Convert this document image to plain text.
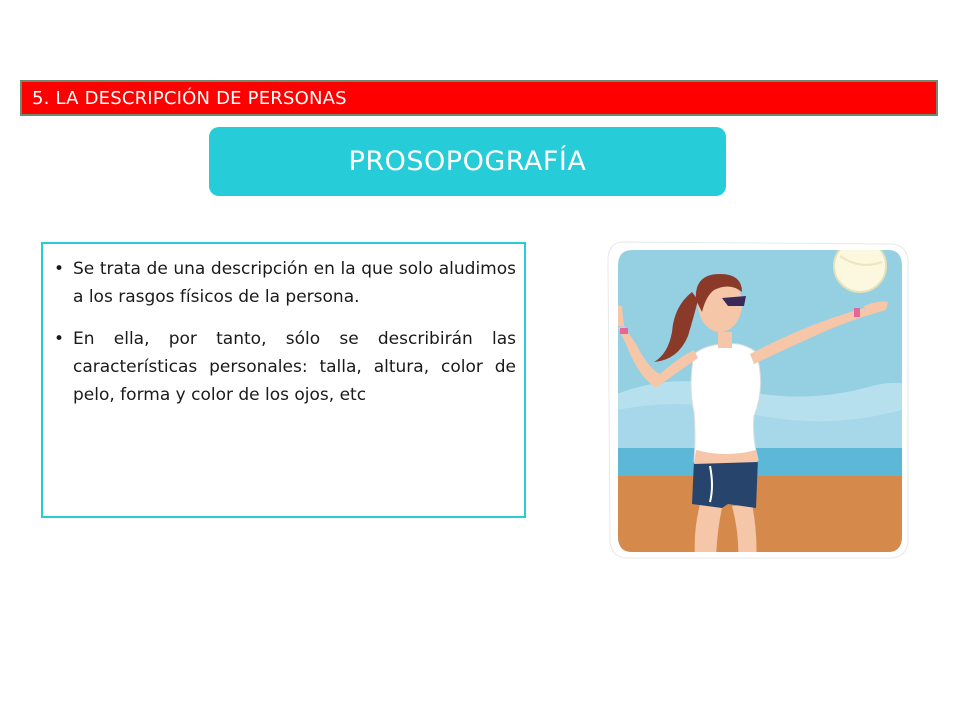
5. LA DESCRIPCIÓN DE PERSONAS
PROSOPOGRAFÍA
• Se trata de una descripción en la que solo aludimos a los rasgos físicos de la persona.
• En ella, por tanto, sólo se describirán las características personales: talla, altura, color de pelo, forma y color de los ojos, etc
